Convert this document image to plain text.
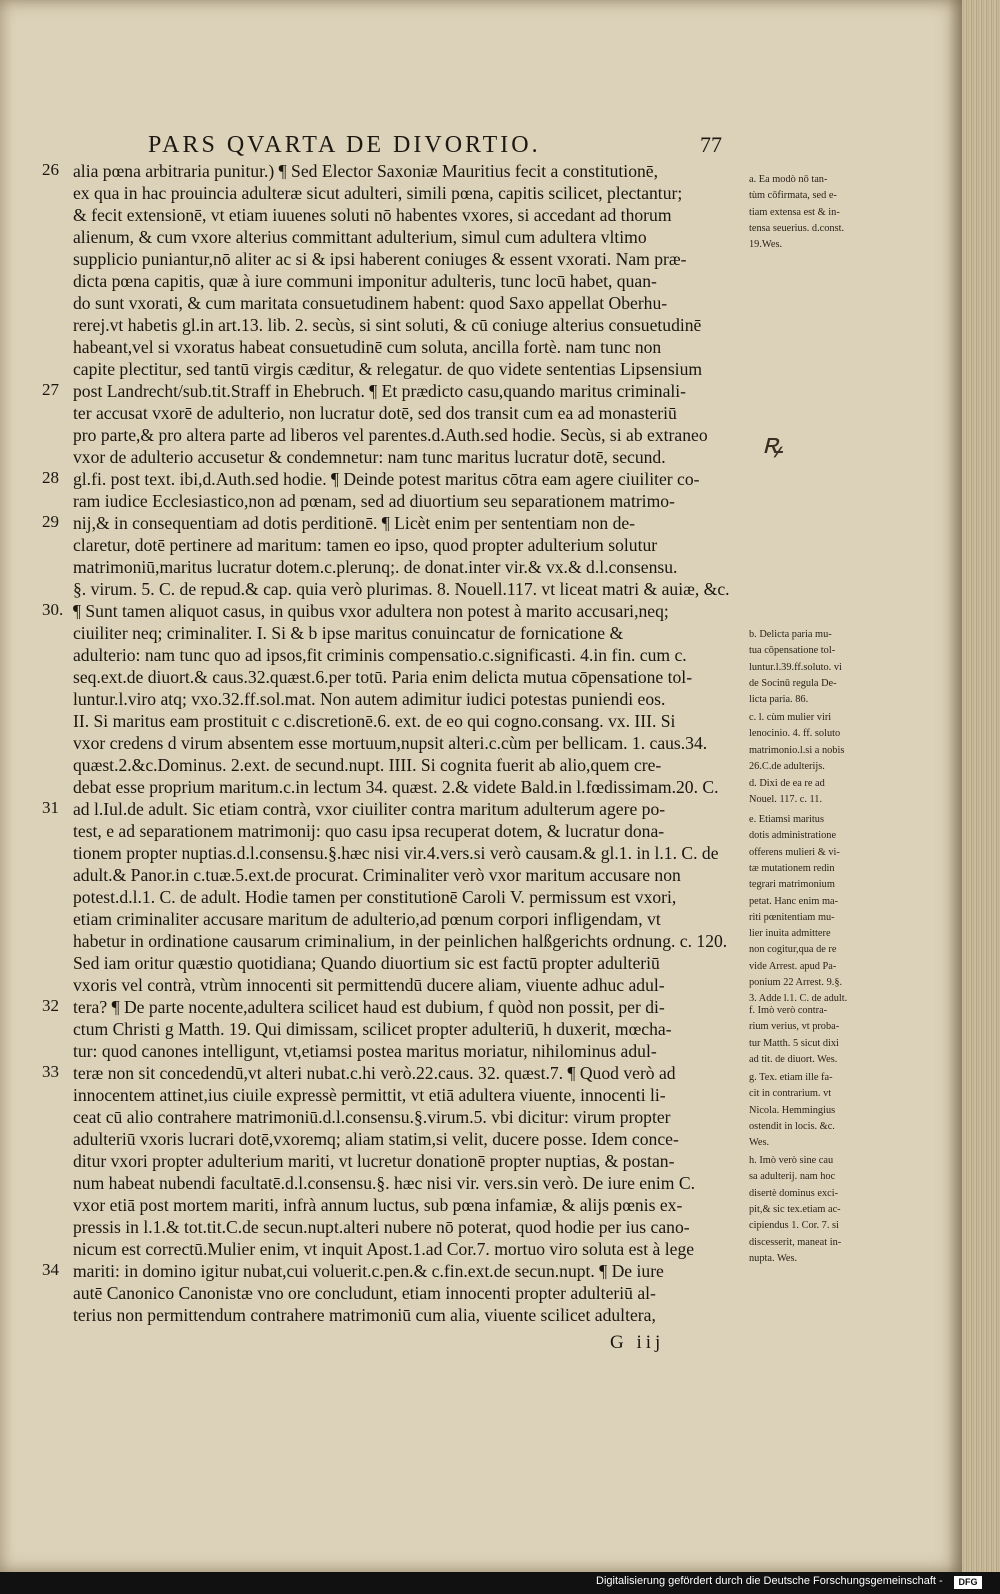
PARS QVARTA DE DIVORTIO.	77
alia pœna arbitraria punitur.) ¶ Sed Elector Saxoniæ Mauritius fecit a constitutionē,
ex qua in hac prouincia adulteræ sicut adulteri, simili pœna, capitis scilicet, plectantur;
& fecit extensionē, vt etiam iuuenes soluti nō habentes vxores, si accedant ad thorum
alienum, & cum vxore alterius committant adulterium, simul cum adultera vltimo
supplicio puniantur,nō aliter ac si & ipsi haberent coniuges & essent vxorati. Nam præ-
dicta pœna capitis, quæ à iure communi imponitur adulteris, tunc locū habet, quan-
do sunt vxorati, & cum maritata consuetudinem habent: quod Saxo appellat Oberhu-
rerej.vt habetis gl.in art.13. lib. 2. secùs, si sint soluti, & cū coniuge alterius consuetudinē
habeant,vel si vxoratus habeat consuetudinē cum soluta, ancilla fortè. nam tunc non
capite plectitur, sed tantū virgis cæditur, & relegatur. de quo videte sententias Lipsensium
post Landrecht/sub.tit.Straff in Ehebruch. ¶ Et prædicto casu,quando maritus criminali-
ter accusat vxorē de adulterio, non lucratur dotē, sed dos transit cum ea ad monasteriū
pro parte,& pro altera parte ad liberos vel parentes.d.Auth.sed hodie. Secùs, si ab extraneo
vxor de adulterio accusetur & condemnetur: nam tunc maritus lucratur dotē, secund.
gl.fi. post text. ibi,d.Auth.sed hodie. ¶ Deinde potest maritus cōtra eam agere ciuiliter co-
ram iudice Ecclesiastico,non ad pœnam, sed ad diuortium seu separationem matrimo-
nij,& in consequentiam ad dotis perditionē. ¶ Licèt enim per sententiam non de-
claretur, dotē pertinere ad maritum: tamen eo ipso, quod propter adulterium solutur
matrimoniū,maritus lucratur dotem.c.plerunq;. de donat.inter vir.& vx.& d.l.consensu.
§. virum. 5. C. de repud.& cap. quia verò plurimas. 8. Nouell.117. vt liceat matri & auiæ, &c.
¶ Sunt tamen aliquot casus, in quibus vxor adultera non potest à marito accusari,neq;
ciuiliter neq; criminaliter. I. Si & b ipse maritus conuincatur de fornicatione &
adulterio: nam tunc quo ad ipsos,fit criminis compensatio.c.significasti. 4.in fin. cum c.
seq.ext.de diuort.& caus.32.quæst.6.per totū. Paria enim delicta mutua cōpensatione tol-
luntur.l.viro atq; vxo.32.ff.sol.mat. Non autem adimitur iudici potestas puniendi eos.
II. Si maritus eam prostituit c c.discretionē.6. ext. de eo qui cogno.consang. vx. III. Si
vxor credens d virum absentem esse mortuum,nupsit alteri.c.cùm per bellicam. 1. caus.34.
quæst.2.&c.Dominus. 2.ext. de secund.nupt. IIII. Si cognita fuerit ab alio,quem cre-
debat esse proprium maritum.c.in lectum 34. quæst. 2.& videte Bald.in l.fœdissimam.20. C.
ad l.Iul.de adult. Sic etiam contrà, vxor ciuiliter contra maritum adulterum agere po-
test, e ad separationem matrimonij: quo casu ipsa recuperat dotem, & lucratur dona-
tionem propter nuptias.d.l.consensu.§.hæc nisi vir.4.vers.si verò causam.& gl.1. in l.1. C. de
adult.& Panor.in c.tuæ.5.ext.de procurat. Criminaliter verò vxor maritum accusare non
potest.d.l.1. C. de adult. Hodie tamen per constitutionē Caroli V. permissum est vxori,
etiam criminaliter accusare maritum de adulterio,ad pœnum corpori infligendam, vt
habetur in ordinatione causarum criminalium, in der peinlichen halßgerichts ordnung. c. 120.
Sed iam oritur quæstio quotidiana; Quando diuortium sic est factū propter adulteriū
vxoris vel contrà, vtrùm innocenti sit permittendū ducere aliam, viuente adhuc adul-
tera? ¶ De parte nocente,adultera scilicet haud est dubium, f quòd non possit, per di-
ctum Christi g Matth. 19. Qui dimissam, scilicet propter adulteriū, h duxerit, mœcha-
tur: quod canones intelligunt, vt,etiamsi postea maritus moriatur, nihilominus adul-
teræ non sit concedendū,vt alteri nubat.c.hi verò.22.caus. 32. quæst.7. ¶ Quod verò ad
innocentem attinet,ius ciuile expressè permittit, vt etiā adultera viuente, innocenti li-
ceat cū alio contrahere matrimoniū.d.l.consensu.§.virum.5. vbi dicitur: virum propter
adulteriū vxoris lucrari dotē,vxoremq; aliam statim,si velit, ducere posse. Idem conce-
ditur vxori propter adulterium mariti, vt lucretur donationē propter nuptias, & postan-
num habeat nubendi facultatē.d.l.consensu.§. hæc nisi vir. vers.sin verò. De iure enim C.
vxor etiā post mortem mariti, infrà annum luctus, sub pœna infamiæ, & alijs pœnis ex-
pressis in l.1.& tot.tit.C.de secun.nupt.alteri nubere nō poterat, quod hodie per ius cano-
nicum est correctū.Mulier enim, vt inquit Apost.1.ad Cor.7. mortuo viro soluta est à lege
mariti: in domino igitur nubat,cui voluerit.c.pen.& c.fin.ext.de secun.nupt. ¶ De iure
autē Canonico Canonistæ vno ore concludunt, etiam innocenti propter adulteriū al-
terius non permittendum contrahere matrimoniū cum alia, viuente scilicet adultera,
26
27
28
29
30.
31
32
33
34
a. Ea modò nō tan-
tùm cōfirmata, sed e-
tiam extensa est & in-
tensa seuerius. d.const.
19.Wes.
b. Delicta paria mu-
tua cōpensatione tol-
luntur.l.39.ff.soluto. vi
de Socinū regula De-
licta paria. 86.
c. l. cùm mulier viri
lenocinio. 4. ff. soluto
matrimonio.l.si a nobis
26.C.de adulterijs.
d. Dixi de ea re ad
Nouel. 117. c. 11.
e. Etiamsi maritus
dotis administratione
offerens mulieri & vi-
tæ mutationem redin
tegrari matrimonium
petat. Hanc enim ma-
riti pœnitentiam mu-
lier inuita admittere
non cogitur,qua de re
vide Arrest. apud Pa-
ponium 22 Arrest. 9.§.
3. Adde l.1. C. de adult.
f. Imò verò contra-
rium verius, vt proba-
tur Matth. 5 sicut dixi
ad tit. de diuort. Wes.
g. Tex. etiam ille fa-
cit in contrarium. vt
Nicola. Hemmingius
ostendit in locis. &c.
Wes.
h. Imò verò sine cau
sa adulterij. nam hoc
disertè dominus exci-
pit,& sic tex.etiam ac-
cipiendus 1. Cor. 7. si
discesserit, maneat in-
nupta. Wes.
ꝶ
G iij
Digitalisierung gefördert durch die Deutsche Forschungsgemeinschaft -	DFG
